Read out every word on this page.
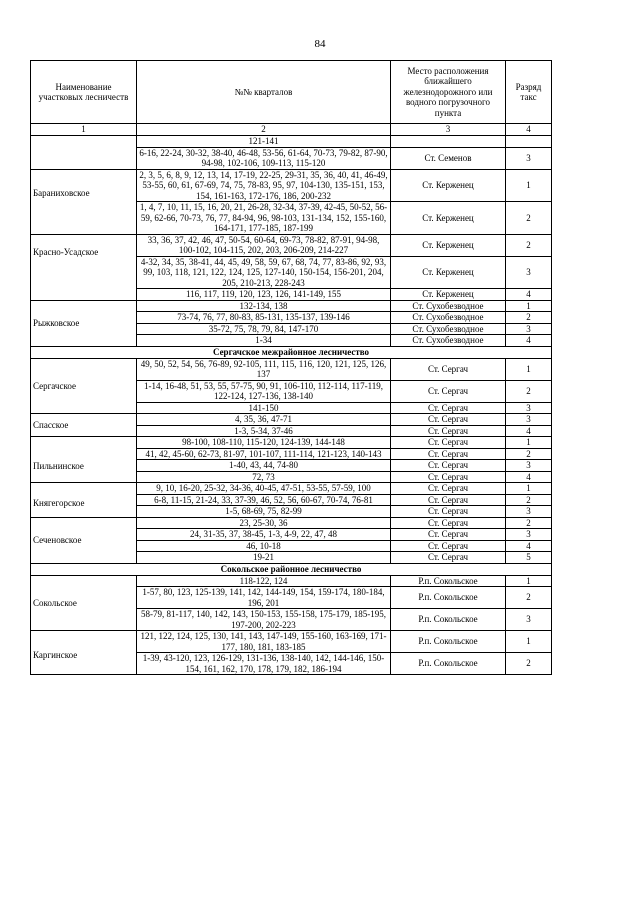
84
Наименование участковых лесничеств	№№ кварталов	Место расположения ближайшего железнодорожного или водного погрузочного пункта	Разряд такс
1	2	3	4
	121-141		
	6-16, 22-24, 30-32, 38-40, 46-48, 53-56, 61-64, 70-73, 79-82, 87-90, 94-98, 102-106, 109-113, 115-120	Ст. Семенов	3
Бараниховское	2, 3, 5, 6, 8, 9, 12, 13, 14, 17-19, 22-25, 29-31, 35, 36, 40, 41, 46-49, 53-55, 60, 61, 67-69, 74, 75, 78-83, 95, 97, 104-130, 135-151, 153, 154, 161-163, 172-176, 186, 200-232	Ст. Керженец	1
	1, 4, 7, 10, 11, 15, 16, 20, 21, 26-28, 32-34, 37-39, 42-45, 50-52, 56-59, 62-66, 70-73, 76, 77, 84-94, 96, 98-103, 131-134, 152, 155-160, 164-171, 177-185, 187-199	Ст. Керженец	2
Красно-Усадское	33, 36, 37, 42, 46, 47, 50-54, 60-64, 69-73, 78-82, 87-91, 94-98, 100-102, 104-115, 202, 203, 206-209, 214-227	Ст. Керженец	2
	4-32, 34, 35, 38-41, 44, 45, 49, 58, 59, 67, 68, 74, 77, 83-86, 92, 93, 99, 103, 118, 121, 122, 124, 125, 127-140, 150-154, 156-201, 204, 205, 210-213, 228-243	Ст. Керженец	3
	116, 117, 119, 120, 123, 126, 141-149, 155	Ст. Керженец	4
Рыжковское	132-134, 138	Ст. Сухобезводное	1
	73-74, 76, 77, 80-83, 85-131, 135-137, 139-146	Ст. Сухобезводное	2
	35-72, 75, 78, 79, 84, 147-170	Ст. Сухобезводное	3
	1-34	Ст. Сухобезводное	4
Сергачское межрайонное лесничество			
Сергачское	49, 50, 52, 54, 56, 76-89, 92-105, 111, 115, 116, 120, 121, 125, 126, 137	Ст. Сергач	1
	1-14, 16-48, 51, 53, 55, 57-75, 90, 91, 106-110, 112-114, 117-119, 122-124, 127-136, 138-140	Ст. Сергач	2
	141-150	Ст. Сергач	3
Спасское	4, 35, 36, 47-71	Ст. Сергач	3
	1-3, 5-34, 37-46	Ст. Сергач	4
Пильнинское	98-100, 108-110, 115-120, 124-139, 144-148	Ст. Сергач	1
	41, 42, 45-60, 62-73, 81-97, 101-107, 111-114, 121-123, 140-143	Ст. Сергач	2
	1-40, 43, 44, 74-80	Ст. Сергач	3
	72, 73	Ст. Сергач	4
Княгегорское	9, 10, 16-20, 25-32, 34-36, 40-45, 47-51, 53-55, 57-59, 100	Ст. Сергач	1
	6-8, 11-15, 21-24, 33, 37-39, 46, 52, 56, 60-67, 70-74, 76-81	Ст. Сергач	2
	1-5, 68-69, 75, 82-99	Ст. Сергач	3
Сеченовское	23, 25-30, 36	Ст. Сергач	2
	24, 31-35, 37, 38-45, 1-3, 4-9, 22, 47, 48	Ст. Сергач	3
	46, 10-18	Ст. Сергач	4
	19-21	Ст. Сергач	5
Сокольское районное лесничество			
Сокольское	118-122, 124	Р.п. Сокольское	1
	1-57, 80, 123, 125-139, 141, 142, 144-149, 154, 159-174, 180-184, 196, 201	Р.п. Сокольское	2
	58-79, 81-117, 140, 142, 143, 150-153, 155-158, 175-179, 185-195, 197-200, 202-223	Р.п. Сокольское	3
Каргинское	121, 122, 124, 125, 130, 141, 143, 147-149, 155-160, 163-169, 171-177, 180, 181, 183-185	Р.п. Сокольское	1
	1-39, 43-120, 123, 126-129, 131-136, 138-140, 142, 144-146, 150-154, 161, 162, 170, 178, 179, 182, 186-194	Р.п. Сокольское	2
